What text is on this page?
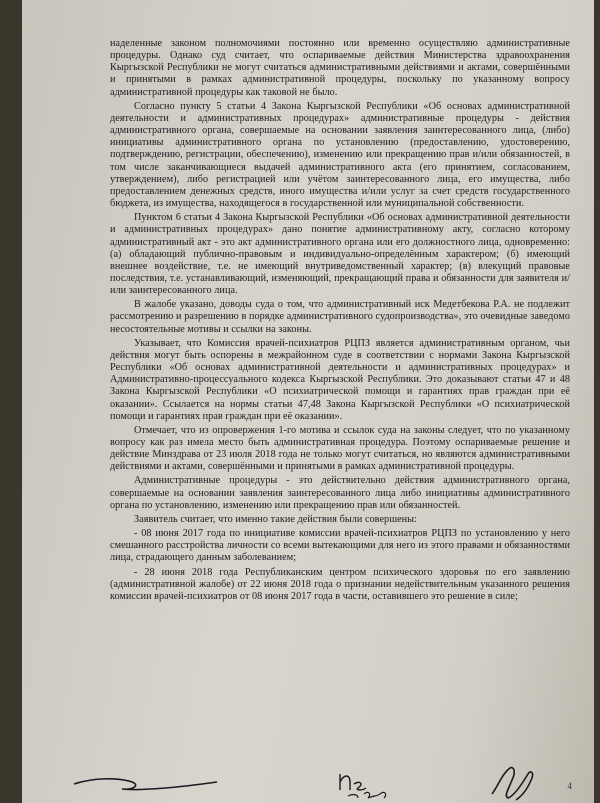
наделенные законом полномочиями постоянно или временно осуществляю административные процедуры. Однако суд считает, что оспариваемые действия Министерства здравоохранения Кыргызской Республики не могут считаться административными действиями и актами, совершёнными и принятыми в рамках административной процедуры, поскольку по указанному вопросу административной процедуры как таковой не было.

Согласно пункту 5 статьи 4 Закона Кыргызской Республики «Об основах административной деятельности и административных процедурах» административные процедуры - действия административного органа, совершаемые на основании заявления заинтересованного лица, (либо) инициативы административного органа по установлению (предоставлению, удостоверению, подтверждению, регистрации, обеспечению), изменению или прекращению прав и/или обязанностей, в том числе заканчивающиеся выдачей административного акта (его принятием, согласованием, утверждением), либо регистрацией или учётом заинтересованного лица, его имущества, либо предоставлением денежных средств, иного имущества и/или услуг за счет средств государственного бюджета, из имущества, находящегося в государственной или муниципальной собственности.

Пунктом 6 статьи 4 Закона Кыргызской Республики «Об основах административной деятельности и административных процедурах» дано понятие административному акту, согласно которому административный акт - это акт административного органа или его должностного лица, одновременно: (а) обладающий публично-правовым и индивидуально-определённым характером; (б) имеющий внешнее воздействие, т.е. не имеющий внутриведомственный характер; (в) влекущий правовые последствия, т.е. устанавливающий, изменяющий, прекращающий права и обязанности для заявителя и/или заинтересованного лица.

В жалобе указано, доводы суда о том, что административный иск Медетбекова Р.А. не подлежит рассмотрению и разрешению в порядке административного судопроизводства», это очевидные заведомо несостоятельные мотивы и ссылки на законы.

Указывает, что Комиссия врачей-психиатров РЦПЗ является административным органом, чьи действия могут быть оспорены в межрайонном суде в соответствии с нормами Закона Кыргызской Республики «Об основах административной деятельности и административных процедурах» и Административно-процессуального кодекса Кыргызской Республики. Это доказывают статьи 47 и 48 Закона Кыргызской Республики «О психиатрической помощи и гарантиях прав граждан при её оказании». Ссылается на нормы статьи 47,48 Закона Кыргызской Республики «О психиатрической помощи и гарантиях прав граждан при её оказании».

Отмечает, что из опровержения 1-го мотива и ссылок суда на законы следует, что по указанному вопросу как раз имела место быть административная процедура. Поэтому оспариваемые решение и действие Минздрава от 23 июля 2018 года не только могут считаться, но являются административными действиями и актами, совершёнными и принятыми в рамках административной процедуры.

Административные процедуры - это действительно действия административного органа, совершаемые на основании заявления заинтересованного лица либо инициативы административного органа по установлению, изменению или прекращению прав или обязанностей.

Заявитель считает, что именно такие действия были совершены:

- 08 июня 2017 года по инициативе комиссии врачей-психиатров РЦПЗ по установлению у него смешанного расстройства личности со всеми вытекающими для него из этого правами и обязанностями лица, страдающего данным заболеванием;

- 28 июня 2018 года Республиканским центром психического здоровья по его заявлению (административной жалобе) от 22 июня 2018 года о признании недействительным указанного решения комиссии врачей-психиатров от 08 июня 2017 года в части, оставившего это решение в силе;

4
